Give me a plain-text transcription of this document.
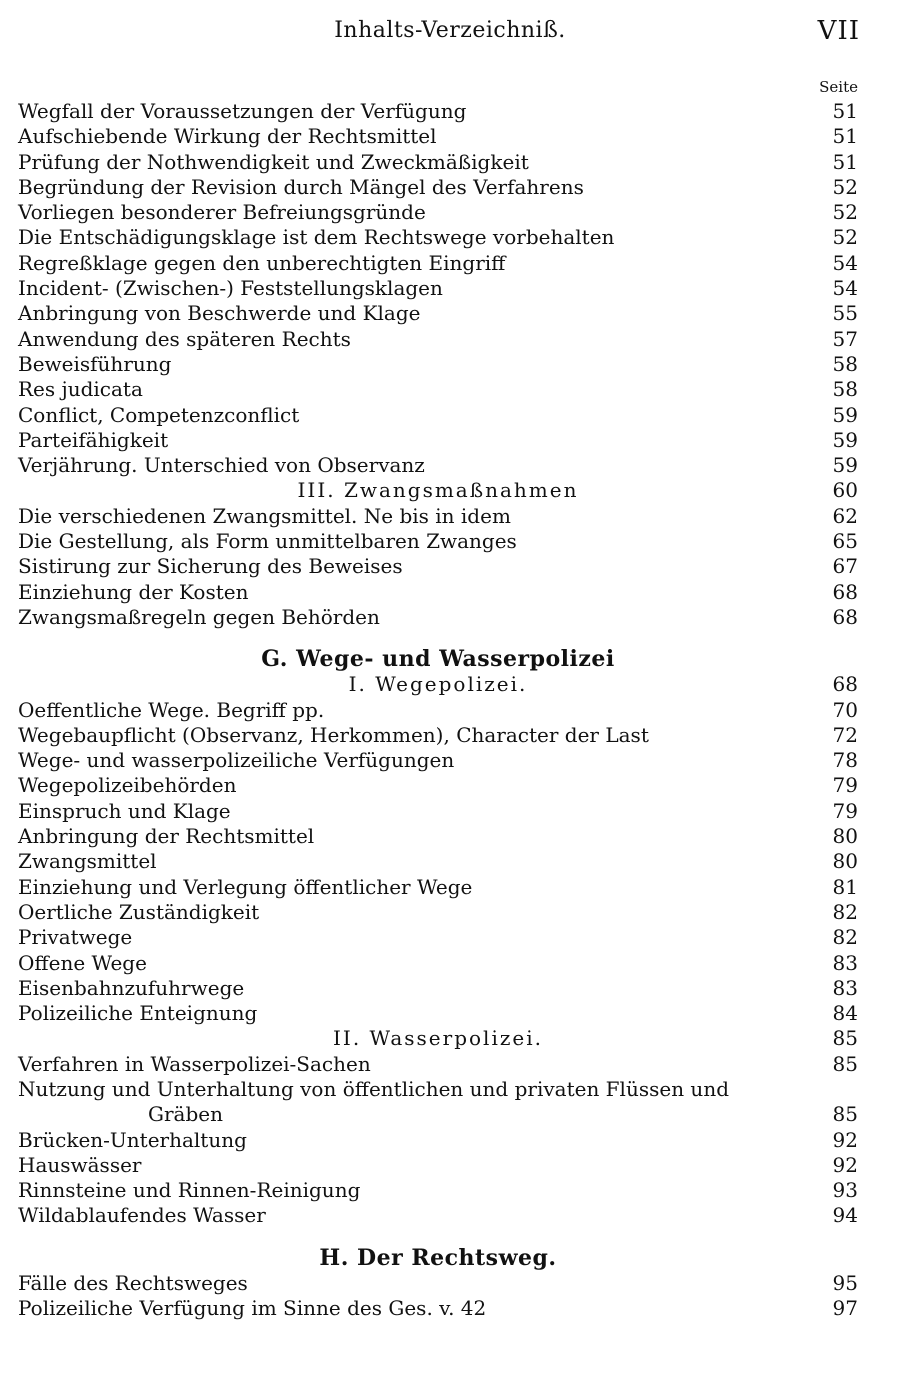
Inhalts-Verzeichniß.	VII
Seite
Wegfall der Voraussetzungen der Verfügung	51
Aufschiebende Wirkung der Rechtsmittel	51
Prüfung der Nothwendigkeit und Zweckmäßigkeit	51
Begründung der Revision durch Mängel des Verfahrens	52
Vorliegen besonderer Befreiungsgründe	52
Die Entschädigungsklage ist dem Rechtswege vorbehalten	52
Regreßklage gegen den unberechtigten Eingriff	54
Incident- (Zwischen-) Feststellungsklagen	54
Anbringung von Beschwerde und Klage	55
Anwendung des späteren Rechts	57
Beweisführung	58
Res judicata	58
Conflict, Competenzconflict	59
Parteifähigkeit	59
Verjährung. Unterschied von Observanz	59
III. Zwangsmaßnahmen	60
Die verschiedenen Zwangsmittel. Ne bis in idem	62
Die Gestellung, als Form unmittelbaren Zwanges	65
Sistirung zur Sicherung des Beweises	67
Einziehung der Kosten	68
Zwangsmaßregeln gegen Behörden	68
G. Wege- und Wasserpolizei
I. Wegepolizei.	68
Oeffentliche Wege. Begriff pp.	70
Wegebaupflicht (Observanz, Herkommen), Character der Last	72
Wege- und wasserpolizeiliche Verfügungen	78
Wegepolizeibehörden	79
Einspruch und Klage	79
Anbringung der Rechtsmittel	80
Zwangsmittel	80
Einziehung und Verlegung öffentlicher Wege	81
Oertliche Zuständigkeit	82
Privatwege	82
Offene Wege	83
Eisenbahnzufuhrwege	83
Polizeiliche Enteignung	84
II. Wasserpolizei.	85
Verfahren in Wasserpolizei-Sachen	85
Nutzung und Unterhaltung von öffentlichen und privaten Flüssen und
Gräben	85
Brücken-Unterhaltung	92
Hauswässer	92
Rinnsteine und Rinnen-Reinigung	93
Wildablaufendes Wasser	94
H. Der Rechtsweg.
Fälle des Rechtsweges	95
Polizeiliche Verfügung im Sinne des Ges. v. 42	97
